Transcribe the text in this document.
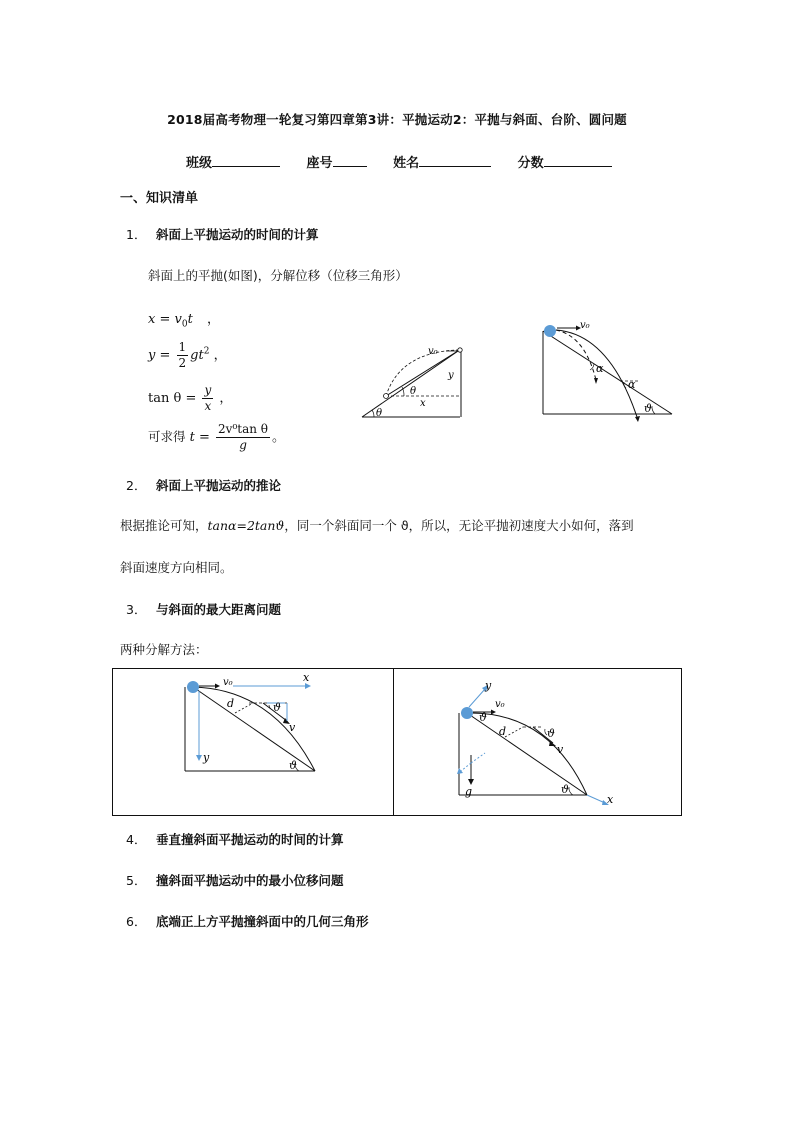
2018届高考物理一轮复习第四章第3讲：平抛运动2：平抛与斜面、台阶、圆问题
班级	座号	姓名	分数
一、知识清单
1． 斜面上平抛运动的时间的计算
斜面上的平抛(如图)，分解位移（位移三角形）
$x = v_0t$ ，
$y = \frac{1}{2} gt^2$ ，
$\tan \theta = \frac{y}{x}$ ，
可求得 $t = \frac{\text{2v⁰tan θ}}{g}$ 。
v₀
y
θ
x
θ
v₀
α
α
ϑ
2． 斜面上平抛运动的推论
根据推论可知，tanα=2tanϑ，同一个斜面同一个 ϑ，所以，无论平抛初速度大小如何，落到
斜面速度方向相同。
3． 与斜面的最大距离问题
两种分解方法：
v₀	x
y
ϑ
v
d
ϑ
y
v₀
ϑ
ϑ
v
d
g	ϑ
x
4． 垂直撞斜面平抛运动的时间的计算
5． 撞斜面平抛运动中的最小位移问题
6． 底端正上方平抛撞斜面中的几何三角形
